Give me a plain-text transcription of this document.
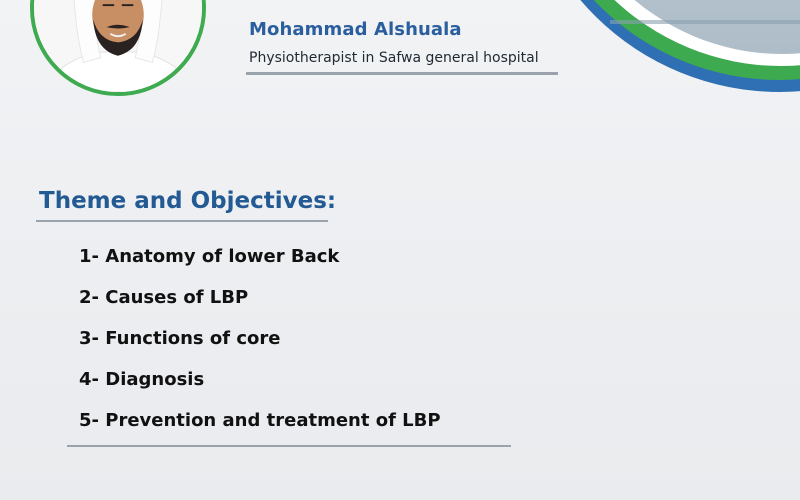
Mohammad Alshuala
Physiotherapist in Safwa general hospital
Theme and Objectives:
1- Anatomy of lower Back
2- Causes of LBP
3- Functions of core
4- Diagnosis
5- Prevention and treatment of LBP
